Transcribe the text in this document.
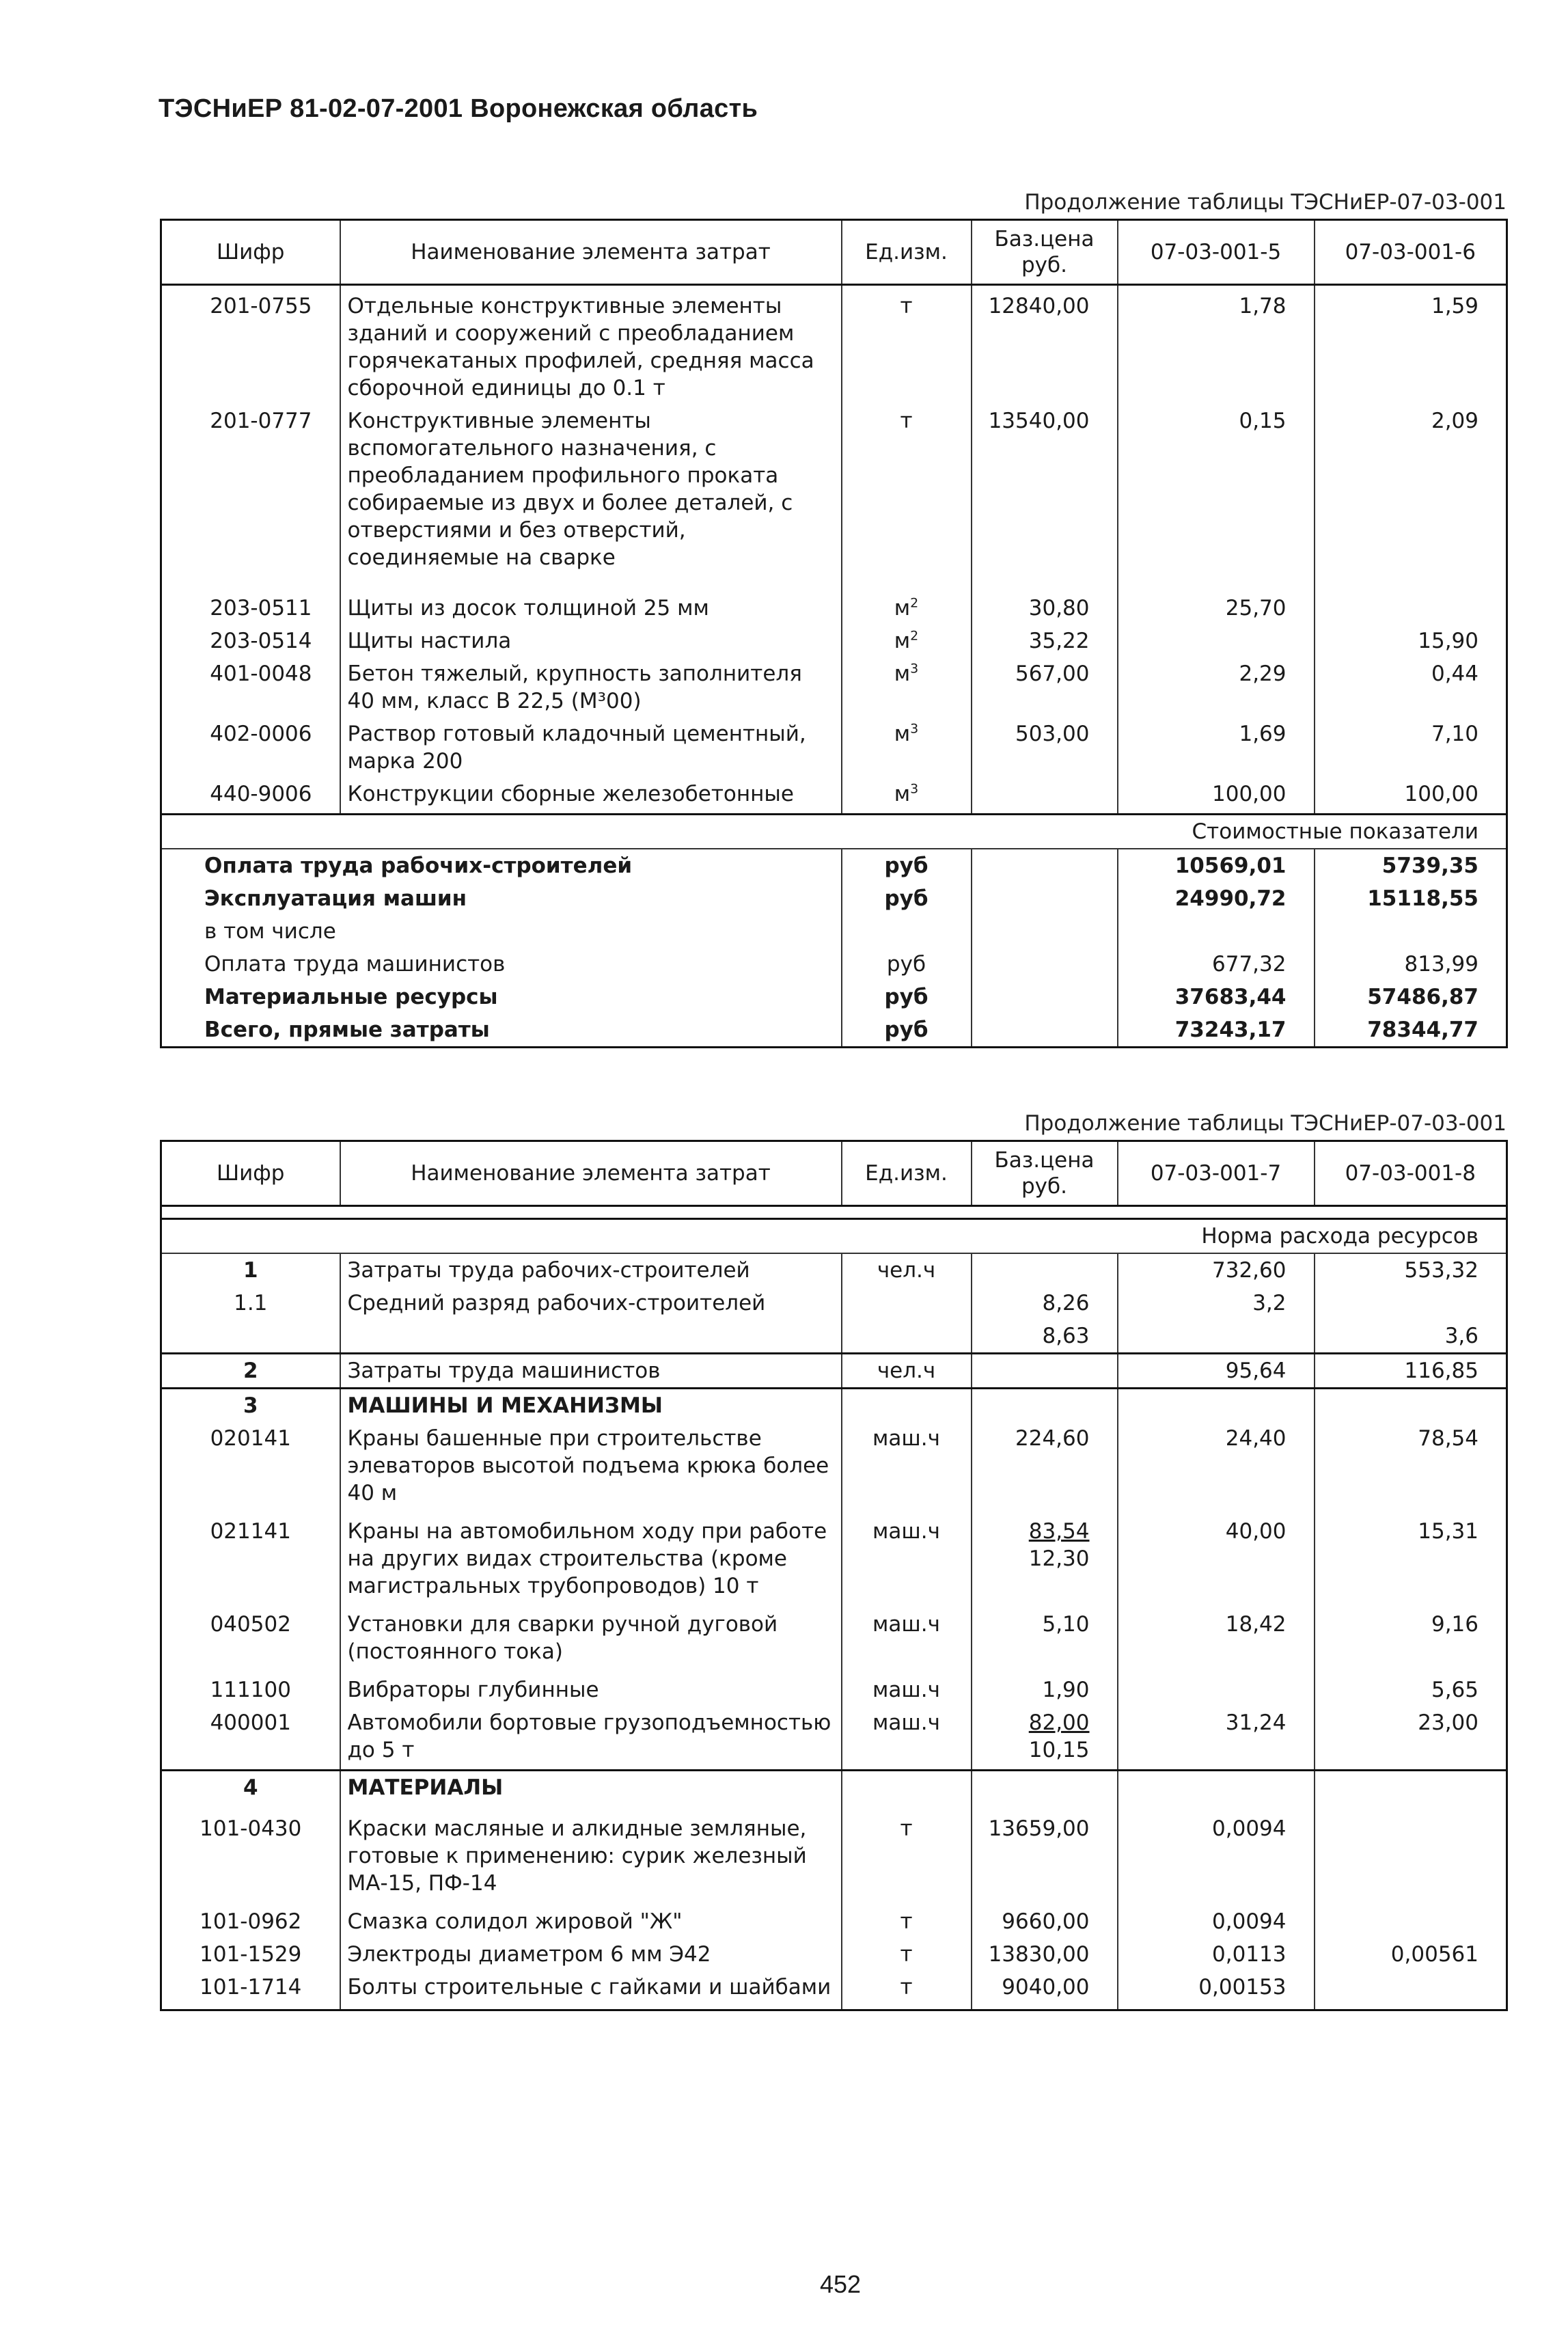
ТЭСНиЕР 81-02-07-2001 Воронежская область
Продолжение таблицы ТЭСНиЕР-07-03-001
Шифр	Наименование элемента затрат	Ед.изм.	Баз.цена руб.	07-03-001-5	07-03-001-6
201-0755	Отдельные конструктивные элементы зданий и сооружений с преобладанием горячекатаных профилей, средняя масса сборочной единицы до 0.1 т	т	12840,00	1,78	1,59
201-0777	Конструктивные элементы вспомогательного назначения, с преобладанием профильного проката собираемые из двух и более деталей, с отверстиями и без отверстий, соединяемые на сварке	т	13540,00	0,15	2,09
203-0511	Щиты из досок толщиной 25 мм	$м^2$	30,80	25,70	
203-0514	Щиты настила	$м^2$	35,22		15,90
401-0048	Бетон тяжелый, крупность заполнителя 40 мм, класс В 22,5 (М³00)	$м^3$	567,00	2,29	0,44
402-0006	Раствор готовый кладочный цементный, марка 200	$м^3$	503,00	1,69	7,10
440-9006	Конструкции сборные железобетонные	$м^3$		100,00	100,00
Стоимостные показатели					
Оплата труда рабочих-строителей		руб		10569,01	5739,35
Эксплуатация машин		руб		24990,72	15118,55
в том числе					
Оплата труда машинистов		руб		677,32	813,99
Материальные ресурсы		руб		37683,44	57486,87
Всего, прямые затраты		руб		73243,17	78344,77
Продолжение таблицы ТЭСНиЕР-07-03-001
Шифр	Наименование элемента затрат	Ед.изм.	Баз.цена руб.	07-03-001-7	07-03-001-8

Норма расхода ресурсов					
1	Затраты труда рабочих-строителей	чел.ч		732,60	553,32
1.1	Средний разряд рабочих-строителей		8,26	3,2	
			8,63		3,6
2	Затраты труда машинистов	чел.ч		95,64	116,85
3	МАШИНЫ И МЕХАНИЗМЫ				
020141	Краны башенные при строительстве элеваторов высотой подъема крюка более 40 м	маш.ч	224,60	24,40	78,54
021141	Краны на автомобильном ходу при работе на других видах строительства (кроме магистральных трубопроводов) 10 т	маш.ч	$\frac{83,54}{12,30}$	40,00	15,31
040502	Установки для сварки ручной дуговой (постоянного тока)	маш.ч	5,10	18,42	9,16
111100	Вибраторы глубинные	маш.ч	1,90		5,65
400001	Автомобили бортовые грузоподъемностью до 5 т	маш.ч	$\frac{82,00}{10,15}$	31,24	23,00
4	МАТЕРИАЛЫ				
101-0430	Краски масляные и алкидные земляные, готовые к применению: сурик железный МА-15, ПФ-14	т	13659,00	0,0094	
101-0962	Смазка солидол жировой "Ж"	т	9660,00	0,0094	
101-1529	Электроды диаметром 6 мм Э42	т	13830,00	0,0113	0,00561
101-1714	Болты строительные с гайками и шайбами	т	9040,00	0,00153	
452
